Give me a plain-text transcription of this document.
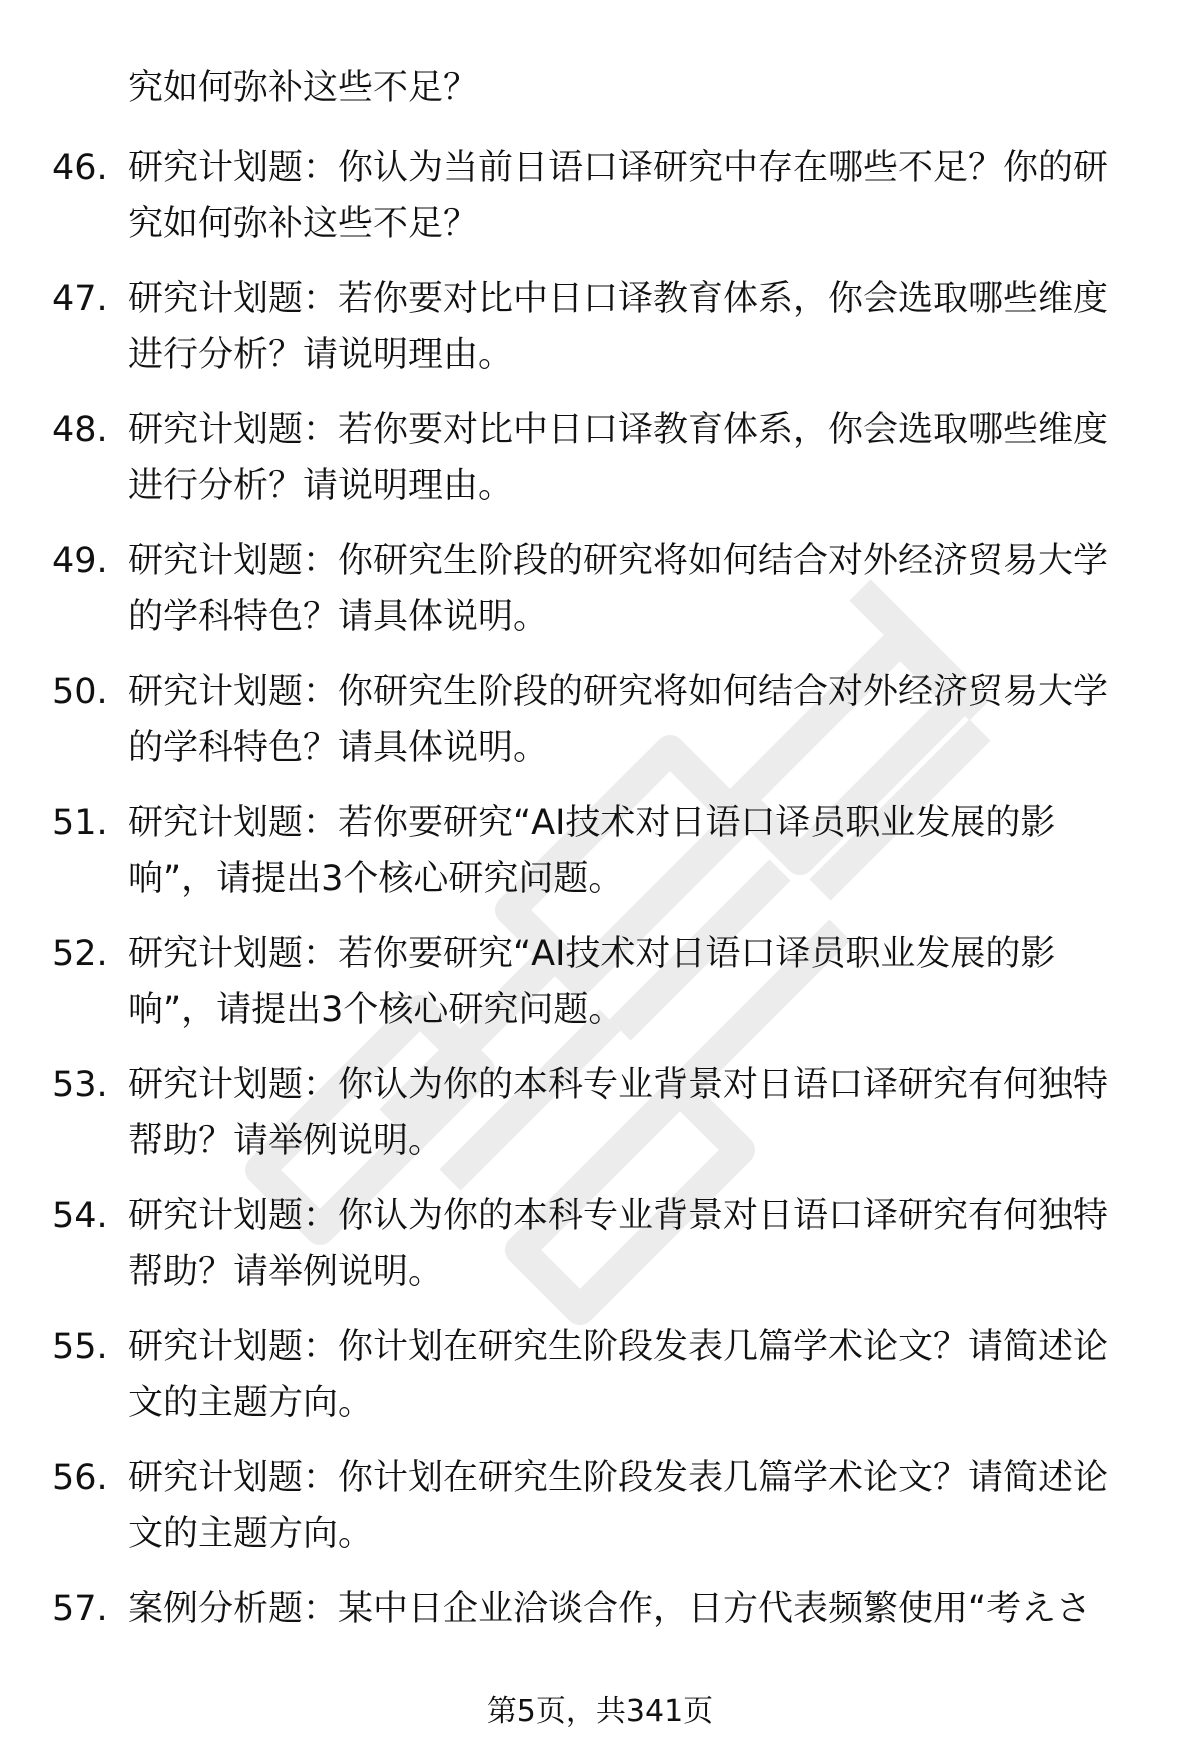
究如何弥补这些不足？
46. 研究计划题：你认为当前日语口译研究中存在哪些不足？你的研
究如何弥补这些不足？
47. 研究计划题：若你要对比中日口译教育体系，你会选取哪些维度
进行分析？请说明理由。
48. 研究计划题：若你要对比中日口译教育体系，你会选取哪些维度
进行分析？请说明理由。
49. 研究计划题：你研究生阶段的研究将如何结合对外经济贸易大学
的学科特色？请具体说明。
50. 研究计划题：你研究生阶段的研究将如何结合对外经济贸易大学
的学科特色？请具体说明。
51. 研究计划题：若你要研究“AI技术对日语口译员职业发展的影
响”，请提出3个核心研究问题。
52. 研究计划题：若你要研究“AI技术对日语口译员职业发展的影
响”，请提出3个核心研究问题。
53. 研究计划题：你认为你的本科专业背景对日语口译研究有何独特
帮助？请举例说明。
54. 研究计划题：你认为你的本科专业背景对日语口译研究有何独特
帮助？请举例说明。
55. 研究计划题：你计划在研究生阶段发表几篇学术论文？请简述论
文的主题方向。
56. 研究计划题：你计划在研究生阶段发表几篇学术论文？请简述论
文的主题方向。
57. 案例分析题：某中日企业洽谈合作，日方代表频繁使用“考えさ
第5页，共341页
